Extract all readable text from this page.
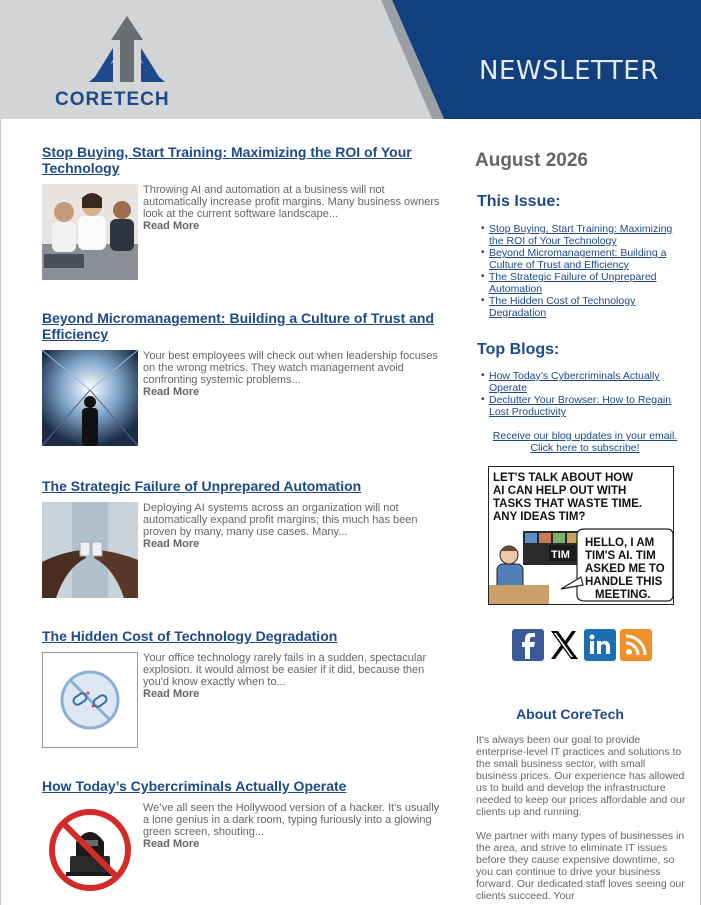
CORETECH
NEWSLETTER
Stop Buying, Start Training: Maximizing the ROI of Your Technology
Throwing AI and automation at a business will not automatically increase profit margins. Many business owners look at the current software landscape...
Read More
Beyond Micromanagement: Building a Culture of Trust and Efficiency
Your best employees will check out when leadership focuses on the wrong metrics. They watch management avoid confronting systemic problems...
Read More
The Strategic Failure of Unprepared Automation
Deploying AI systems across an organization will not automatically expand profit margins; this much has been proven by many, many use cases. Many...
Read More
The Hidden Cost of Technology Degradation
Your office technology rarely fails in a sudden, spectacular explosion. It would almost be easier if it did, because then you'd know exactly when to...
Read More
How Today’s Cybercriminals Actually Operate
We’ve all seen the Hollywood version of a hacker. It’s usually a lone genius in a dark room, typing furiously into a glowing green screen, shouting...
Read More
August 2026
This Issue:
• Stop Buying, Start Training: Maximizing the ROI of Your Technology
• Beyond Micromanagement: Building a Culture of Trust and Efficiency
• The Strategic Failure of Unprepared Automation
• The Hidden Cost of Technology Degradation
Top Blogs:
• How Today’s Cybercriminals Actually Operate
• Declutter Your Browser: How to Regain Lost Productivity
Receive our blog updates in your email. Click here to subscribe!
LET'S TALK ABOUT HOW
AI CAN HELP OUT WITH
TASKS THAT WASTE TIME.
ANY IDEAS TIM?
TIM
HELLO, I AM
TIM'S AI. TIM
ASKED ME TO
HANDLE THIS
MEETING.
About CoreTech
It's always been our goal to provide enterprise-level IT practices and solutions to the small business sector, with small business prices. Our experience has allowed us to build and develop the infrastructure needed to keep our prices affordable and our clients up and running.
We partner with many types of businesses in the area, and strive to eliminate IT issues before they cause expensive downtime, so you can continue to drive your business forward. Our dedicated staff loves seeing our clients succeed. Your
